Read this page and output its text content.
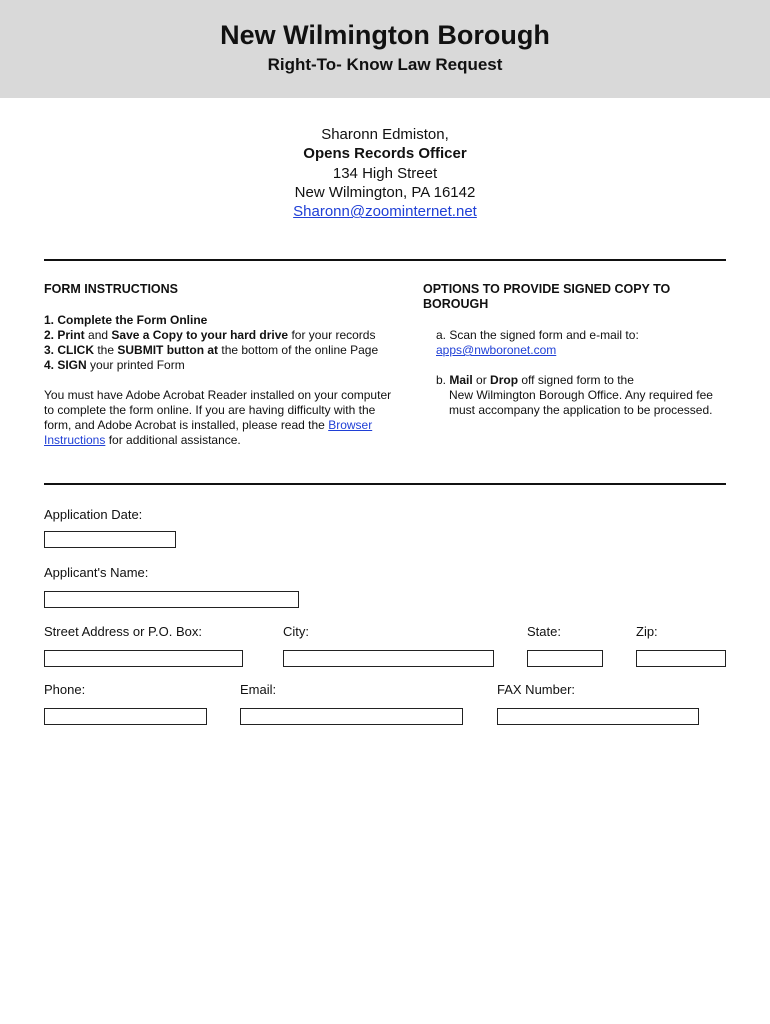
New Wilmington Borough
Right-To- Know Law Request
Sharonn Edmiston,
Opens Records Officer
134 High Street
New Wilmington, PA 16142
Sharonn@zoominternet.net
FORM INSTRUCTIONS
1. Complete the Form Online
2. Print and Save a Copy to your hard drive for your records
3. CLICK the SUBMIT button at the bottom of the online Page
4. SIGN your printed Form
You must have Adobe Acrobat Reader installed on your computer to complete the form online. If you are having difficulty with the form, and Adobe Acrobat is installed, please read the Browser Instructions for additional assistance.
OPTIONS TO PROVIDE SIGNED COPY TO BOROUGH
a. Scan the signed form and e-mail to:
apps@nwboronet.com
b. Mail or Drop off signed form to the
New Wilmington Borough Office. Any required fee must accompany the application to be processed.
Application Date:
Applicant's Name:
Street Address or P.O. Box:	City:	State:	Zip:
Phone:	Email:	FAX Number:
